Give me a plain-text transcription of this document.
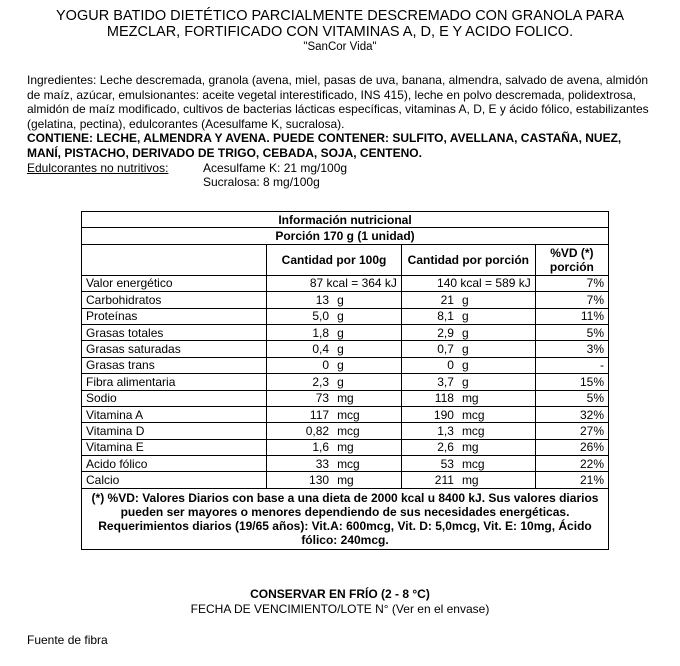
YOGUR BATIDO DIETÉTICO PARCIALMENTE DESCREMADO CON GRANOLA PARA
MEZCLAR, FORTIFICADO CON VITAMINAS A, D, E Y ACIDO FOLICO.
"SanCor Vida"

Ingredientes: Leche descremada, granola (avena, miel, pasas de uva, banana, almendra, salvado de avena, almidón de maíz, azúcar, emulsionantes: aceite vegetal interestificado, INS 415), leche en polvo descremada, polidextrosa, almidón de maíz modificado, cultivos de bacterias lácticas específicas, vitaminas A, D, E y ácido fólico, estabilizantes (gelatina, pectina), edulcorantes (Acesulfame K, sucralosa).

CONTIENE: LECHE, ALMENDRA Y AVENA. PUEDE CONTENER: SULFITO, AVELLANA, CASTAÑA, NUEZ, MANÍ, PISTACHO, DERIVADO DE TRIGO, CEBADA, SOJA, CENTENO.

Edulcorantes no nutritivos:	Acesulfame K: 21 mg/100g
Sucralosa: 8 mg/100g
Información nutricional			
Porción 170 g (1 unidad)			
	Cantidad por 100g	Cantidad por porción	%VD (*) porción
Valor energético	87 kcal = 364 kJ	140 kcal = 589 kJ	7%
Carbohidratos	13 g	21 g	7%
Proteínas	5,0 g	8,1 g	11%
Grasas totales	1,8 g	2,9 g	5%
Grasas saturadas	0,4 g	0,7 g	3%
Grasas trans	0 g	0 g	-
Fibra alimentaria	2,3 g	3,7 g	15%
Sodio	73 mg	118 mg	5%
Vitamina A	117 mcg	190 mcg	32%
Vitamina D	0,82 mcg	1,3 mcg	27%
Vitamina E	1,6 mg	2,6 mg	26%
Acido fólico	33 mcg	53 mcg	22%
Calcio	130 mg	211 mg	21%
(*) %VD: Valores Diarios con base a una dieta de 2000 kcal u 8400 kJ. Sus valores diarios pueden ser mayores o menores dependiendo de sus necesidades energéticas. Requerimientos diarios (19/65 años): Vit.A: 600mcg, Vit. D: 5,0mcg, Vit. E: 10mg, Ácido fólico: 240mcg.			
CONSERVAR EN FRÍO (2 - 8 °C)
FECHA DE VENCIMIENTO/LOTE N° (Ver en el envase)
Fuente de fibra
